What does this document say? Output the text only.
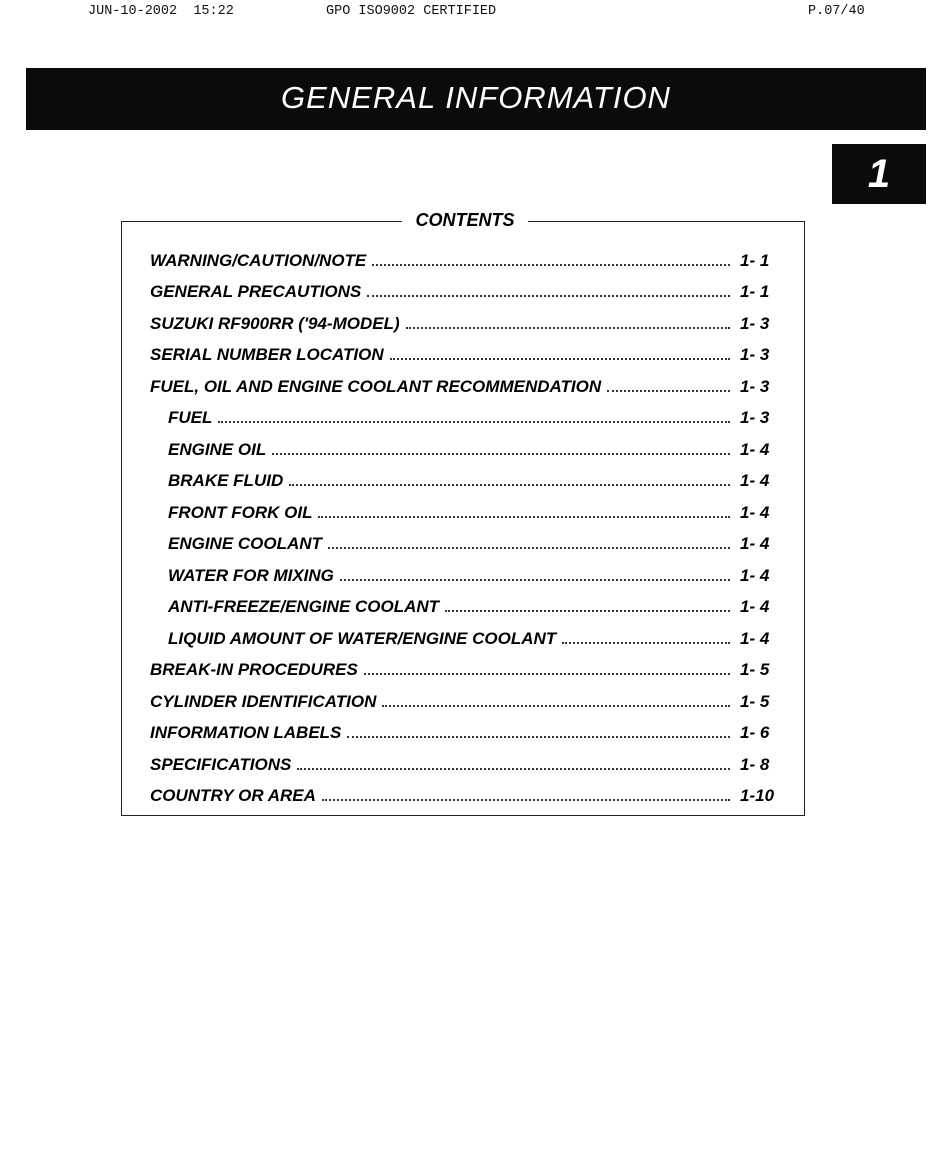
JUN-10-2002  15:22	GPO ISO9002 CERTIFIED	P.07/40
GENERAL INFORMATION
1
CONTENTS
WARNING/CAUTION/NOTE	1- 1
GENERAL PRECAUTIONS	1- 1
SUZUKI RF900RR ('94-MODEL)	1- 3
SERIAL NUMBER LOCATION	1- 3
FUEL, OIL AND ENGINE COOLANT RECOMMENDATION	1- 3
FUEL	1- 3
ENGINE OIL	1- 4
BRAKE FLUID	1- 4
FRONT FORK OIL	1- 4
ENGINE COOLANT	1- 4
WATER FOR MIXING	1- 4
ANTI-FREEZE/ENGINE COOLANT	1- 4
LIQUID AMOUNT OF WATER/ENGINE COOLANT	1- 4
BREAK-IN PROCEDURES	1- 5
CYLINDER IDENTIFICATION	1- 5
INFORMATION LABELS	1- 6
SPECIFICATIONS	1- 8
COUNTRY OR AREA	1-10
